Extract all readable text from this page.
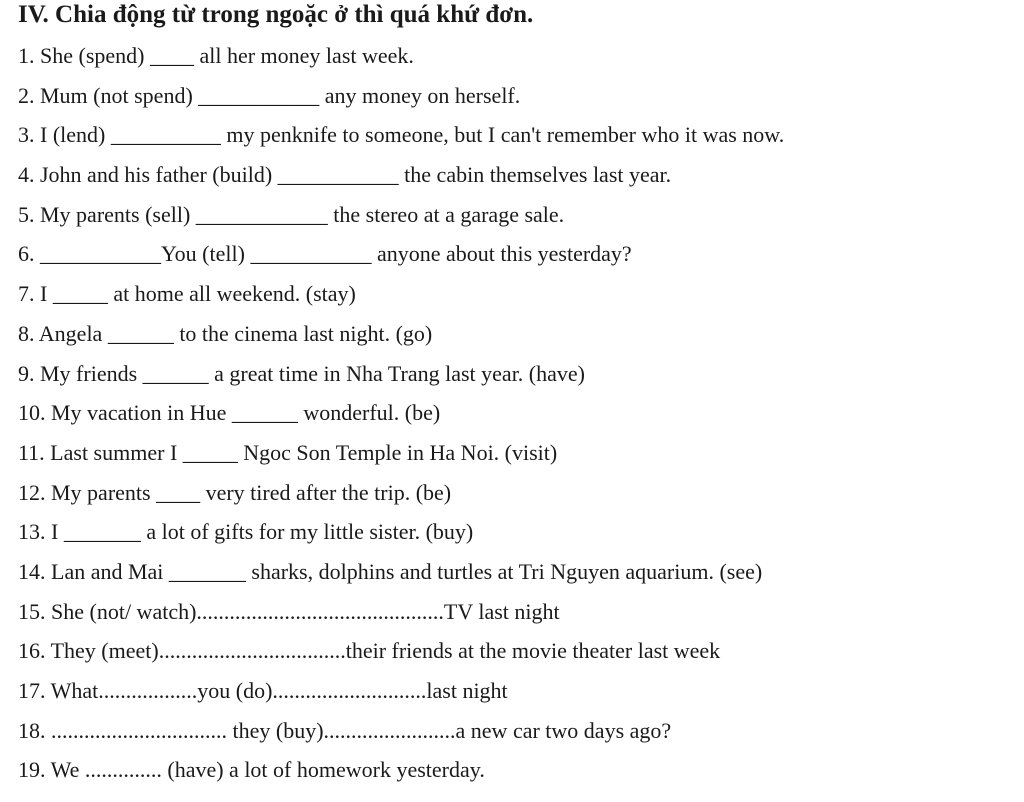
IV. Chia động từ trong ngoặc ở thì quá khứ đơn.
1. She (spend) ____ all her money last week.
2. Mum (not spend) ___________ any money on herself.
3. I (lend) __________ my penknife to someone, but I can't remember who it was now.
4. John and his father (build) ___________ the cabin themselves last year.
5. My parents (sell) ____________ the stereo at a garage sale.
6. ___________You (tell) ___________ anyone about this yesterday?
7. I _____ at home all weekend. (stay)
8. Angela ______ to the cinema last night. (go)
9. My friends ______ a great time in Nha Trang last year. (have)
10. My vacation in Hue ______ wonderful. (be)
11. Last summer I _____ Ngoc Son Temple in Ha Noi. (visit)
12. My parents ____ very tired after the trip. (be)
13. I _______ a lot of gifts for my little sister. (buy)
14. Lan and Mai _______ sharks, dolphins and turtles at Tri Nguyen aquarium. (see)
15. She (not/ watch).............................................TV last night
16. They (meet)..................................their friends at the movie theater last week
17. What..................you (do)............................last night
18. ................................ they (buy)........................a new car two days ago?
19. We .............. (have) a lot of homework yesterday.
